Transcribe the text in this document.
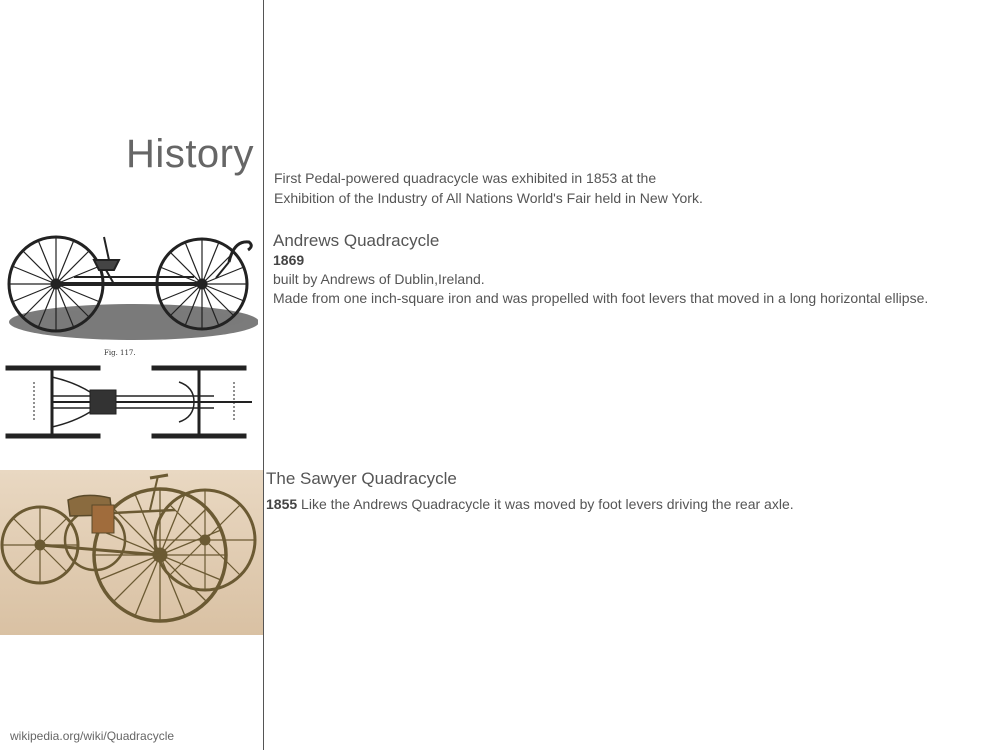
History
First Pedal-powered quadracycle was exhibited in 1853 at the
Exhibition of the Industry of All Nations World's Fair held in New York.
Andrews Quadracycle
1869
built by Andrews of Dublin,Ireland.
Made from one inch-square iron and was propelled with foot levers that moved in a long horizontal ellipse.
Fig. 117.
The Sawyer Quadracycle
1855 Like the Andrews Quadracycle it was moved by foot levers driving the rear axle.
wikipedia.org/wiki/Quadracycle
